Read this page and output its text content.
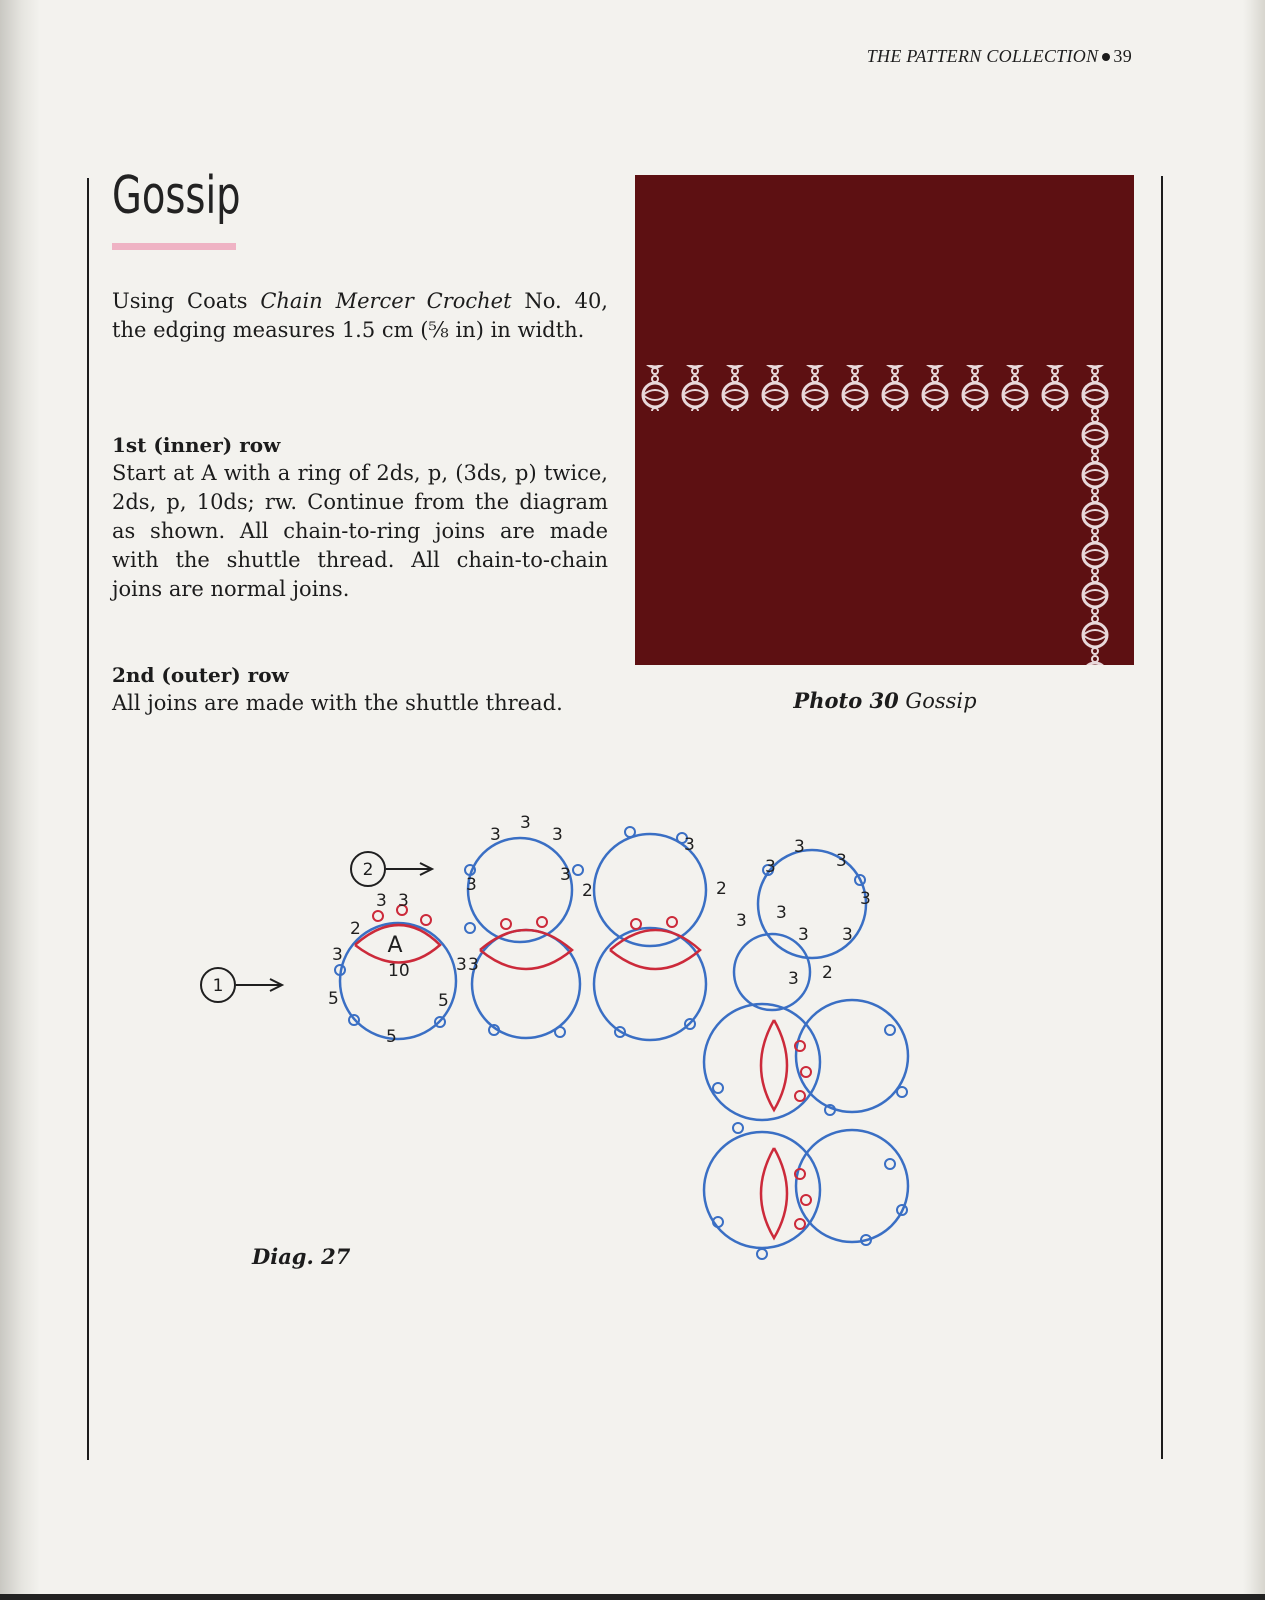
THE PATTERN COLLECTION 39
Gossip

Using Coats Chain Mercer Crochet No. 40, the edging measures 1.5 cm (⅝ in) in width.

1st (inner) row

Start at A with a ring of 2ds, p, (3ds, p) twice, 2ds, p, 10ds; rw. Continue from the diagram as shown. All chain-to-ring joins are made with the shuttle thread. All chain-to-chain joins are normal joins.

2nd (outer) row

All joins are made with the shuttle thread.	Photo 30 Gossip
2
1
A
3
3
3
3	3
2	2
3
3
3
3
3
3 3
3
2
3
3
2
10
3
3
3 3
5
5
5
3
Diag. 27
